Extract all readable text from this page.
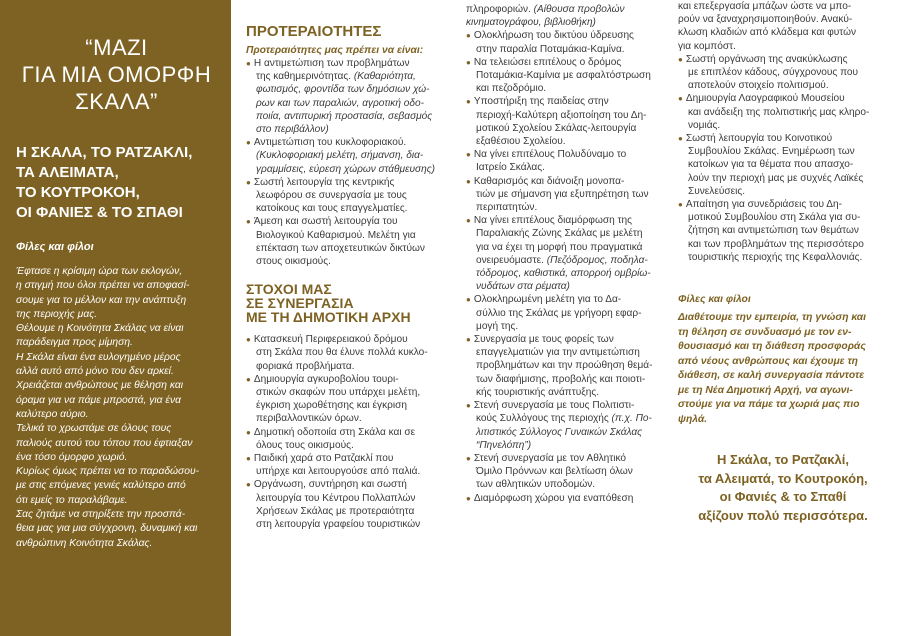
“ΜΑΖΙ
ΓΙΑ ΜΙΑ ΟΜΟΡΦΗ
ΣΚΑΛΑ”
Η ΣΚΑΛΑ, ΤΟ ΡΑΤΖΑΚΛΙ,
ΤΑ ΑΛΕΙΜΑΤΑ,
ΤΟ ΚΟΥΤΡΟΚΟΗ,
ΟΙ ΦΑΝΙΕΣ & ΤΟ ΣΠΑΘΙ
Φίλες και φίλοι

Έφτασε η κρίσιμη ώρα των εκλογών,

η στιγμή που όλοι πρέπει να αποφασί-

σουμε για το μέλλον και την ανάπτυξη

της περιοχής μας.

Θέλουμε η Κοινότητα Σκάλας να είναι

παράδειγμα προς μίμηση.

Η Σκάλα είναι ένα ευλογημένο μέρος

αλλά αυτό από μόνο του δεν αρκεί.

Χρειάζεται ανθρώπους με θέληση και

όραμα για να πάμε μπροστά, για ένα

καλύτερο αύριο.

Τελικά το χρωστάμε σε όλους τους

παλιούς αυτού του τόπου που έφτιαξαν

ένα τόσο όμορφο χωριό.

Κυρίως όμως πρέπει να το παραδώσου-

με στις επόμενες γενιές καλύτερο από

ότι εμείς το παραλάβαμε.

Σας ζητάμε να στηρίξετε την προσπά-

θεια μας για μια σύγχρονη, δυναμική και

ανθρώπινη Κοινότητα Σκάλας.

ΠΡΟΤΕΡΑΙΟΤΗΤΕΣ
Προτεραιότητες μας πρέπει να είναι:
● Η αντιμετώπιση των προβλημάτων
της καθημερινότητας. (Καθαριότητα,
φωτισμός, φροντίδα των δημόσιων χώ-
ρων και των παραλιών, αγροτική οδο-
ποιία, αντιπυρική προστασία, σεβασμός
στο περιβάλλον)
● Αντιμετώπιση του κυκλοφοριακού. (Κυκλοφοριακή μελέτη, σήμανση, δια-
γραμμίσεις, εύρεση χώρων στάθμευσης)
● Σωστή λειτουργία της κεντρικής
λεωφόρου σε συνεργασία με τους
κατοίκους και τους επαγγελματίες.
● Άμεση και σωστή λειτουργία του
Βιολογικού Καθαρισμού. Μελέτη για
επέκταση των αποχετευτικών δικτύων
στους οικισμούς.
ΣΤΟΧΟΙ ΜΑΣ
ΣΕ ΣΥΝΕΡΓΑΣΙΑ
ΜΕ ΤΗ ΔΗΜΟΤΙΚΗ ΑΡΧΗ
● Κατασκευή Περιφερειακού δρόμου
στη Σκάλα που θα έλυνε πολλά κυκλο-
φοριακά προβλήματα.
● Δημιουργία αγκυροβολίου τουρι-
στικών σκαφών που υπάρχει μελέτη,
έγκριση χωροθέτησης και έγκριση
περιβαλλοντικών όρων.
● Δημοτική οδοποιία στη Σκάλα και σε
όλους τους οικισμούς.
● Παιδική χαρά στο Ρατζακλί που
υπήρχε και λειτουργούσε από παλιά.
● Οργάνωση, συντήρηση και σωστή
λειτουργία του Κέντρου Πολλαπλών
Χρήσεων Σκάλας με προτεραιότητα
στη λειτουργία γραφείου τουριστικών
πληροφοριών. (Αίθουσα προβολών
κινηματογράφου, βιβλιοθήκη)
● Ολοκλήρωση του δικτύου ύδρευσης
στην παραλία Ποταμάκια-Καμίνα.
● Να τελειώσει επιτέλους ο δρόμος
Ποταμάκια-Καμίνια με ασφαλτόστρωση
και πεζοδρόμιο.
● Υποστήριξη της παιδείας στην
περιοχή-Καλύτερη αξιοποίηση του Δη-
μοτικού Σχολείου Σκάλας-λειτουργία
εξαθέσιου Σχολείου.
● Να γίνει επιτέλους Πολυδύναμο το
Ιατρείο Σκάλας.
● Καθαρισμός και διάνοιξη μονοπα-
τιών με σήμανση για εξυπηρέτηση των
περιπατητών.
● Να γίνει επιτέλους διαμόρφωση της
Παραλιακής Ζώνης Σκάλας με μελέτη
για να έχει τη μορφή που πραγματικά
ονειρευόμαστε. (Πεζόδρομος, ποδηλα-
τόδρομος, καθιστικά, απορροή ομβρίω-
νυδάτων στα ρέματα)
● Ολοκληρωμένη μελέτη για το Δα-
σύλλιο της Σκάλας με γρήγορη εφαρ-
μογή της.
● Συνεργασία με τους φορείς των
επαγγελματιών για την αντιμετώπιση
προβλημάτων και την προώθηση θεμά-
των διαφήμισης, προβολής και ποιοτι-
κής τουριστικής ανάπτυξης.
● Στενή συνεργασία με τους Πολιτιστι-
κούς Συλλόγους της περιοχής (π.χ. Πο-
λιτιστικός Σύλλογος Γυναικών Σκάλας
“Πηνελόπη”)
● Στενή συνεργασία με τον Αθλητικό
Όμιλο Πρόννων και βελτίωση όλων
των αθλητικών υποδομών.
● Διαμόρφωση χώρου για εναπόθεση
και επεξεργασία μπάζων ώστε να μπο-
ρούν να ξαναχρησιμοποιηθούν. Ανακύ-
κλωση κλαδιών από κλάδεμα και φυτών
για κομπόστ.
● Σωστή οργάνωση της ανακύκλωσης
με επιπλέον κάδους, σύγχρονους που
αποτελούν στοιχείο πολιτισμού.
● Δημιουργία Λαογραφικού Μουσείου
και ανάδειξη της πολιτιστικής μας κληρο-
νομιάς.
● Σωστή λειτουργία του Κοινοτικού
Συμβουλίου Σκάλας. Ενημέρωση των
κατοίκων για τα θέματα που απασχο-
λούν την περιοχή μας με συχνές Λαϊκές
Συνελεύσεις.
● Απαίτηση για συνεδριάσεις του Δη-
μοτικού Συμβουλίου στη Σκάλα για συ-
ζήτηση και αντιμετώπιση των θεμάτων
και των προβλημάτων της περισσότερο
τουριστικής περιοχής της Κεφαλλονιάς.
Φίλες και φίλοι

Διαθέτουμε την εμπειρία, τη γνώση και

τη θέληση σε συνδυασμό με τον εν-

θουσιασμό και τη διάθεση προσφοράς

από νέους ανθρώπους και έχουμε τη

διάθεση, σε καλή συνεργασία πάντοτε

με τη Νέα Δημοτική Αρχή, να αγωνι-

στούμε για να πάμε τα χωριά μας πιο

ψηλά.

Η Σκάλα, το Ρατζακλί,
τα Αλειματά, το Κουτροκόη,
οι Φανιές & το Σπαθί
αξίζουν πολύ περισσότερα.
